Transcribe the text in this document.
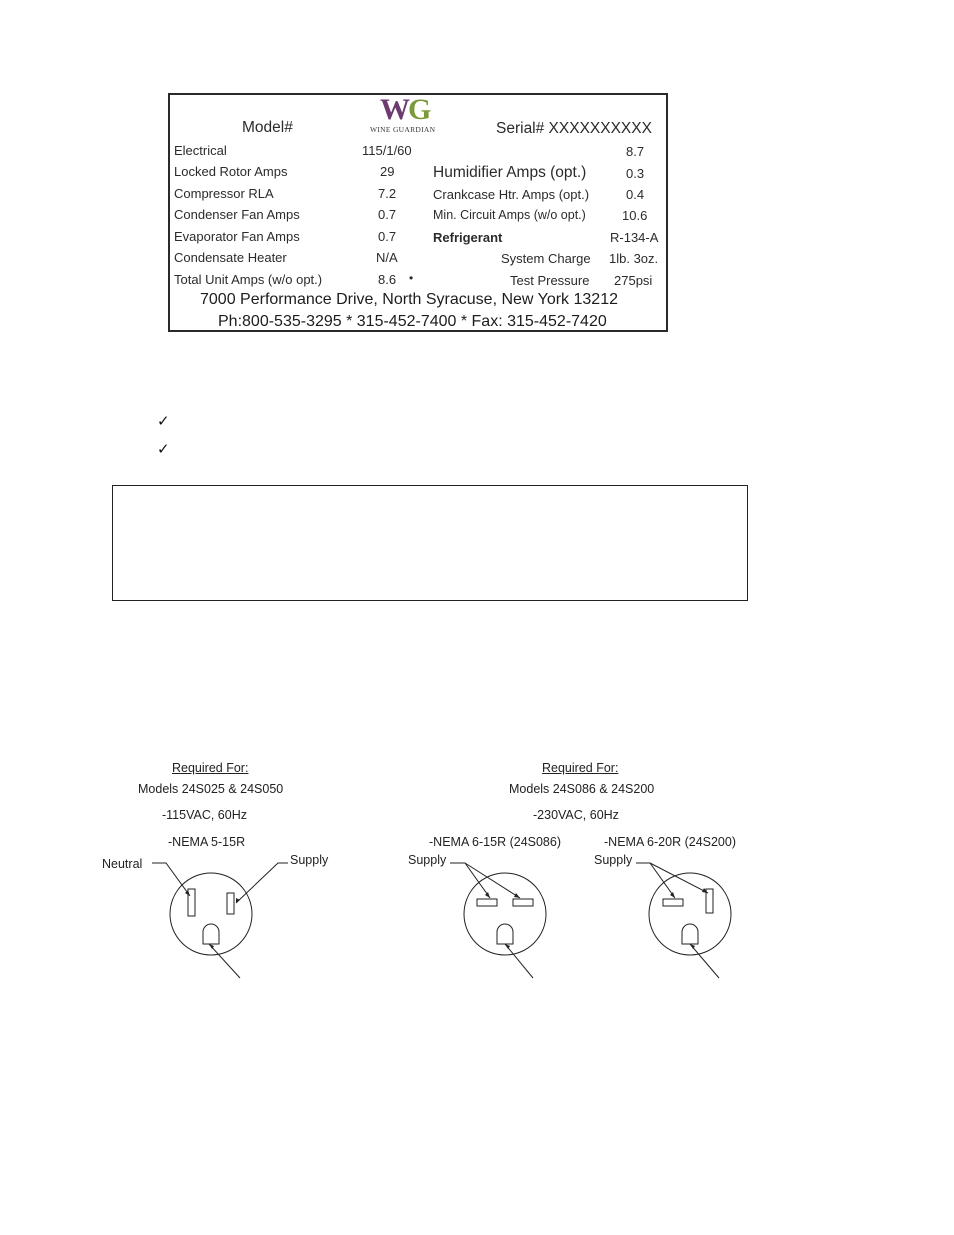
WG
WINE GUARDIAN
Model#	Serial# XXXXXXXXXX
Electrical	115/1/60
Locked Rotor Amps	29
Compressor RLA	7.2
Condenser Fan Amps	0.7
Evaporator Fan Amps	0.7
Condensate Heater	N/A
Total Unit Amps (w/o opt.)	8.6 •
8.7
Humidifier Amps (opt.)	0.3
Crankcase Htr. Amps (opt.)	0.4
Min. Circuit Amps (w/o opt.)	10.6
Refrigerant	R-134-A
System Charge 1lb. 3oz.
Test Pressure 275psi
7000 Performance Drive, North Syracuse, New York 13212
Ph:800-535-3295 * 315-452-7400 * Fax: 315-452-7420
✓
✓
Required For:
Models 24S025 & 24S050
-115VAC, 60Hz
-NEMA 5-15R
Neutral	Supply
Required For:
Models 24S086 & 24S200
-230VAC, 60Hz
-NEMA 6-15R (24S086)	-NEMA 6-20R (24S200)
Supply	Supply
